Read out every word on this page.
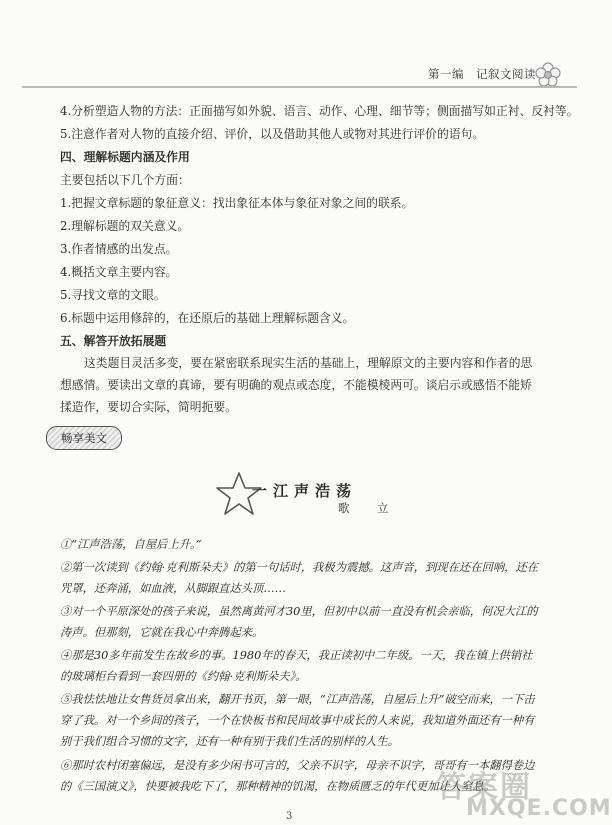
第一编　记叙文阅读
4.分析塑造人物的方法：正面描写如外貌、语言、动作、心理、细节等；侧面描写如正衬、反衬等。
5.注意作者对人物的直接介绍、评价，以及借助其他人或物对其进行评价的语句。
四、理解标题内涵及作用
主要包括以下几个方面：
1.把握文章标题的象征意义：找出象征本体与象征对象之间的联系。
2.理解标题的双关意义。
3.作者情感的出发点。
4.概括文章主要内容。
5.寻找文章的文眼。
6.标题中运用修辞的，在还原后的基础上理解标题含义。
五、解答开放拓展题
这类题目灵活多变，要在紧密联系现实生活的基础上，理解原文的主要内容和作者的思想感情。要读出文章的真谛，要有明确的观点或态度，不能模棱两可。谈启示或感悟不能矫揉造作，要切合实际，简明扼要。
畅享美文
一江声浩荡
歌　立
①“江声浩荡，自屋后上升。”
②第一次读到《约翰·克利斯朵夫》的第一句话时，我极为震撼。这声音，到现在还在回响，还在咒罩，还奔涌，如血液，从脚跟直达头顶……
③对一个平原深处的孩子来说，虽然离黄河才30里，但初中以前一直没有机会亲临，何况大江的涛声。但那刻，它就在我心中奔腾起来。
④那是30多年前发生在故乡的事。1980年的春天，我正读初中二年级。一天，我在镇上供销社的玻璃柜台看到一套四册的《约翰·克利斯朵夫》。
⑤我怯怯地让女售货员拿出来，翻开书页，第一眼，“江声浩荡，自屋后上升”破空而来，一下击穿了我。对一个乡间的孩子，一个在快板书和民间故事中成长的人来说，我知道外面还有一种有别于我们组合习惯的文字，还有一种有别于我们生活的别样的人生。
⑥那时农村闭塞偏远，是没有多少闲书可言的，父亲不识字，母亲不识字，哥哥有一本翻得卷边的《三国演义》，快要被我吃下了，那种精神的饥渴，在物质匮乏的年代更加让人窒息。
答案圈
MXQE.COM
3
